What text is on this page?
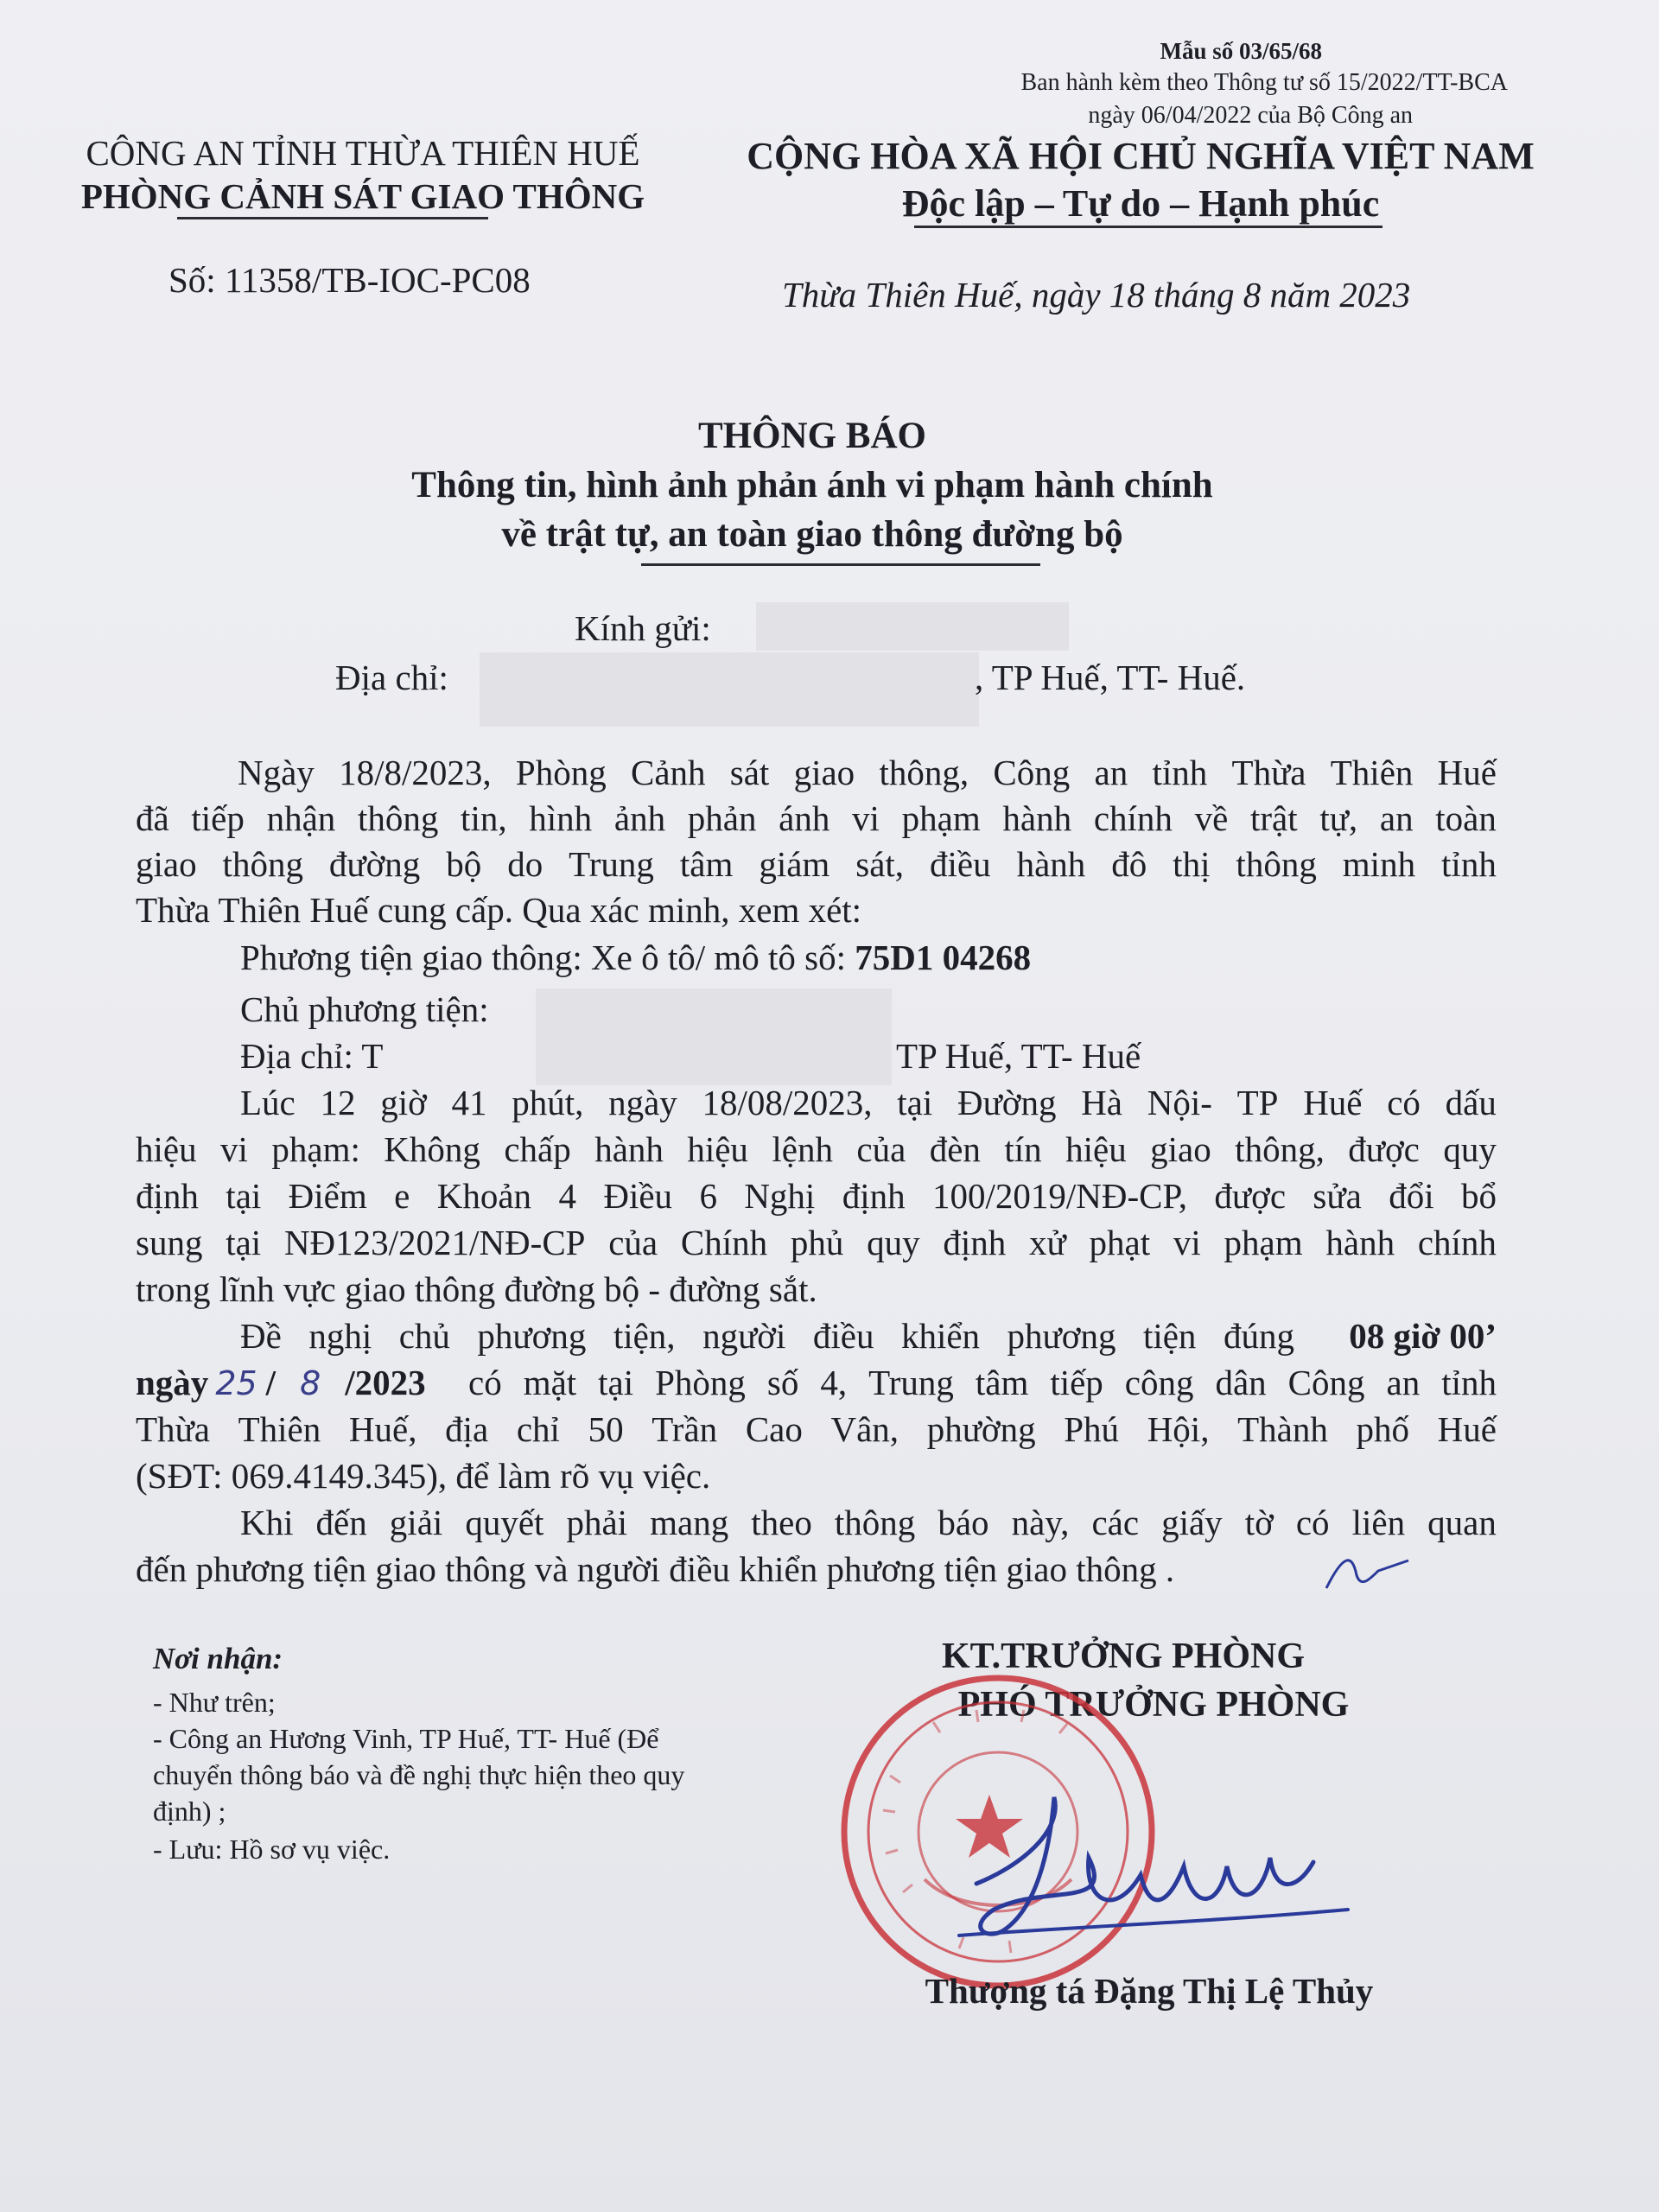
Mẫu số 03/65/68
Ban hành kèm theo Thông tư số 15/2022/TT-BCA
ngày 06/04/2022 của Bộ Công an
CÔNG AN TỈNH THỪA THIÊN HUẾ
PHÒNG CẢNH SÁT GIAO THÔNG
Số: 11358/TB-IOC-PC08
CỘNG HÒA XÃ HỘI CHỦ NGHĨA VIỆT NAM
Độc lập – Tự do – Hạnh phúc
Thừa Thiên Huế, ngày 18 tháng 8 năm 2023
THÔNG BÁO
Thông tin, hình ảnh phản ánh vi phạm hành chính
về trật tự, an toàn giao thông đường bộ
Kính gửi:
Địa chỉ:	, TP Huế, TT- Huế.
Ngày 18/8/2023, Phòng Cảnh sát giao thông, Công an tỉnh Thừa Thiên Huế
đã tiếp nhận thông tin, hình ảnh phản ánh vi phạm hành chính về trật tự, an toàn
giao thông đường bộ do Trung tâm giám sát, điều hành đô thị thông minh tỉnh
Thừa Thiên Huế cung cấp. Qua xác minh, xem xét:
Phương tiện giao thông: Xe ô tô/ mô tô số: 75D1 04268
Chủ phương tiện:
Địa chỉ: T	TP Huế, TT- Huế
Lúc 12 giờ 41 phút, ngày 18/08/2023, tại Đường Hà Nội- TP Huế có dấu
hiệu vi phạm: Không chấp hành hiệu lệnh của đèn tín hiệu giao thông, được quy
định tại Điểm e Khoản 4 Điều 6 Nghị định 100/2019/NĐ-CP, được sửa đổi bổ
sung tại NĐ123/2021/NĐ-CP của Chính phủ quy định xử phạt vi phạm hành chính
trong lĩnh vực giao thông đường bộ - đường sắt.
Đề nghị chủ phương tiện, người điều khiển phương tiện đúng 08 giờ 00’
ngày 25 / 8 /2023 có mặt tại Phòng số 4, Trung tâm tiếp công dân Công an tỉnh
Thừa Thiên Huế, địa chỉ 50 Trần Cao Vân, phường Phú Hội, Thành phố Huế
(SĐT: 069.4149.345), để làm rõ vụ việc.
Khi đến giải quyết phải mang theo thông báo này, các giấy tờ có liên quan
đến phương tiện giao thông và người điều khiển phương tiện giao thông .
Nơi nhận:
- Như trên;
- Công an Hương Vinh, TP Huế, TT- Huế (Để
chuyển thông báo và đề nghị thực hiện theo quy
định) ;
- Lưu: Hồ sơ vụ việc.
KT.TRƯỞNG PHÒNG
PHÓ TRƯỞNG PHÒNG
Thượng tá Đặng Thị Lệ Thủy
